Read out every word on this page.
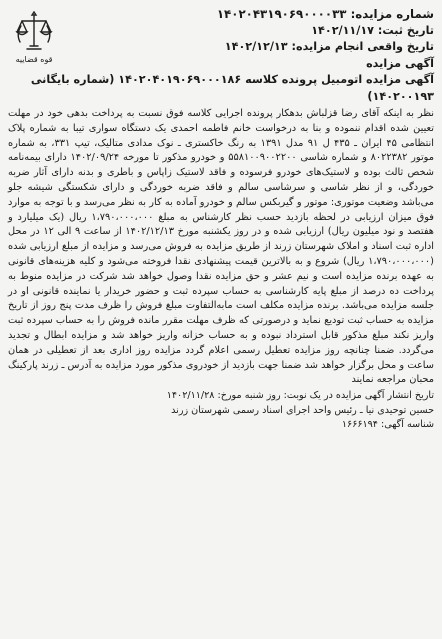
قوه قضاییه
شماره مزایده: ۱۴۰۲۰۴۳۱۹۰۶۹۰۰۰۰۳۳
تاریخ ثبت: ۱۴۰۲/۱۱/۱۷
تاریخ واقعی انجام مزایده: ۱۴۰۲/۱۲/۱۳
آگهی مزایده
آگهی مزایده اتومبیل پرونده کلاسه ۱۴۰۲۰۴۰۱۹۰۶۹۰۰۰۱۸۶ (شماره بایگانی
۱۴۰۲۰۰۱۹۳)

نظر به اینکه آقای رضا قزلباش بدهکار پرونده اجرایی کلاسه فوق نسبت به پرداخت بدهی خود در مهلت تعیین شده اقدام ننموده و بنا به درخواست خانم فاطمه احمدی یک دستگاه سواری تیبا به شماره پلاک انتظامی ۴۵ ایران ـ ۴۳۵ ل ۹۱ مدل ۱۳۹۱ به رنگ خاکستری ـ نوک مدادی متالیک، تیپ ۳۳۱، به شماره موتور ۸۰۲۲۳۸۲ و شماره شاسی ۵۵۸۱۰۰۹۰۰۲۲۰۰ و خودرو مذکور تا مورخه ۱۴۰۲/۰۹/۲۴ دارای بیمه‌نامه شخص ثالث بوده و لاستیک‌های خودرو فرسوده و فاقد لاستیک زاپاس و باطری و بدنه دارای آثار ضربه خوردگی، و از نظر شاسی و سرشاسی سالم و فاقد ضربه خوردگی و دارای شکستگی شیشه جلو می‌باشد وضعیت موتوری: موتور و گیربکس سالم و خودرو آماده به کار به نظر می‌رسد و با توجه به موارد فوق میزان ارزیابی در لحظه بازدید حسب نظر کارشناس به مبلغ ۱،۷۹۰،۰۰۰،۰۰۰ ریال (یک میلیارد و هفتصد و نود میلیون ریال) ارزیابی شده و در روز یکشنبه مورخ ۱۴۰۲/۱۲/۱۳ از ساعت ۹ الی ۱۲ در محل اداره ثبت اسناد و املاک شهرستان زرند از طریق مزایده به فروش می‌رسد و مزایده از مبلغ ارزیابی شده (۱،۷۹۰،۰۰۰،۰۰۰ ریال) شروع و به بالاترین قیمت پیشنهادی نقدا فروخته می‌شود و کلیه هزینه‌های قانونی به عهده برنده مزایده است و نیم عشر و حق مزایده نقدا وصول خواهد شد شرکت در مزایده منوط به پرداخت ده درصد از مبلغ پایه کارشناسی به حساب سپرده ثبت و حضور خریدار یا نماینده قانونی او در جلسه مزایده می‌باشد. برنده مزایده مکلف است مابه‌التفاوت مبلغ فروش را ظرف مدت پنج روز از تاریخ مزایده به حساب ثبت تودیع نماید و درصورتی که ظرف مهلت مقرر مانده فروش را به حساب سپرده ثبت واریز نکند مبلغ مذکور قابل استرداد نبوده و به حساب خزانه واریز خواهد شد و مزایده ابطال و تجدید می‌گردد. ضمنا چنانچه روز مزایده تعطیل رسمی اعلام گردد مزایده روز اداری بعد از تعطیلی در همان ساعت و محل برگزار خواهد شد ضمنا جهت بازدید از خودروی مذکور مورد مزایده به آدرس ـ زرند پارکینگ محبان مراجعه نمایند

تاریخ انتشار آگهی مزایده در یک نوبت: روز شنبه مورخ: ۱۴۰۲/۱۱/۲۸
حسین توحیدی نیا ـ رئیس واحد اجرای اسناد رسمی شهرستان زرند
شناسه آگهی: ۱۶۶۶۱۹۴
